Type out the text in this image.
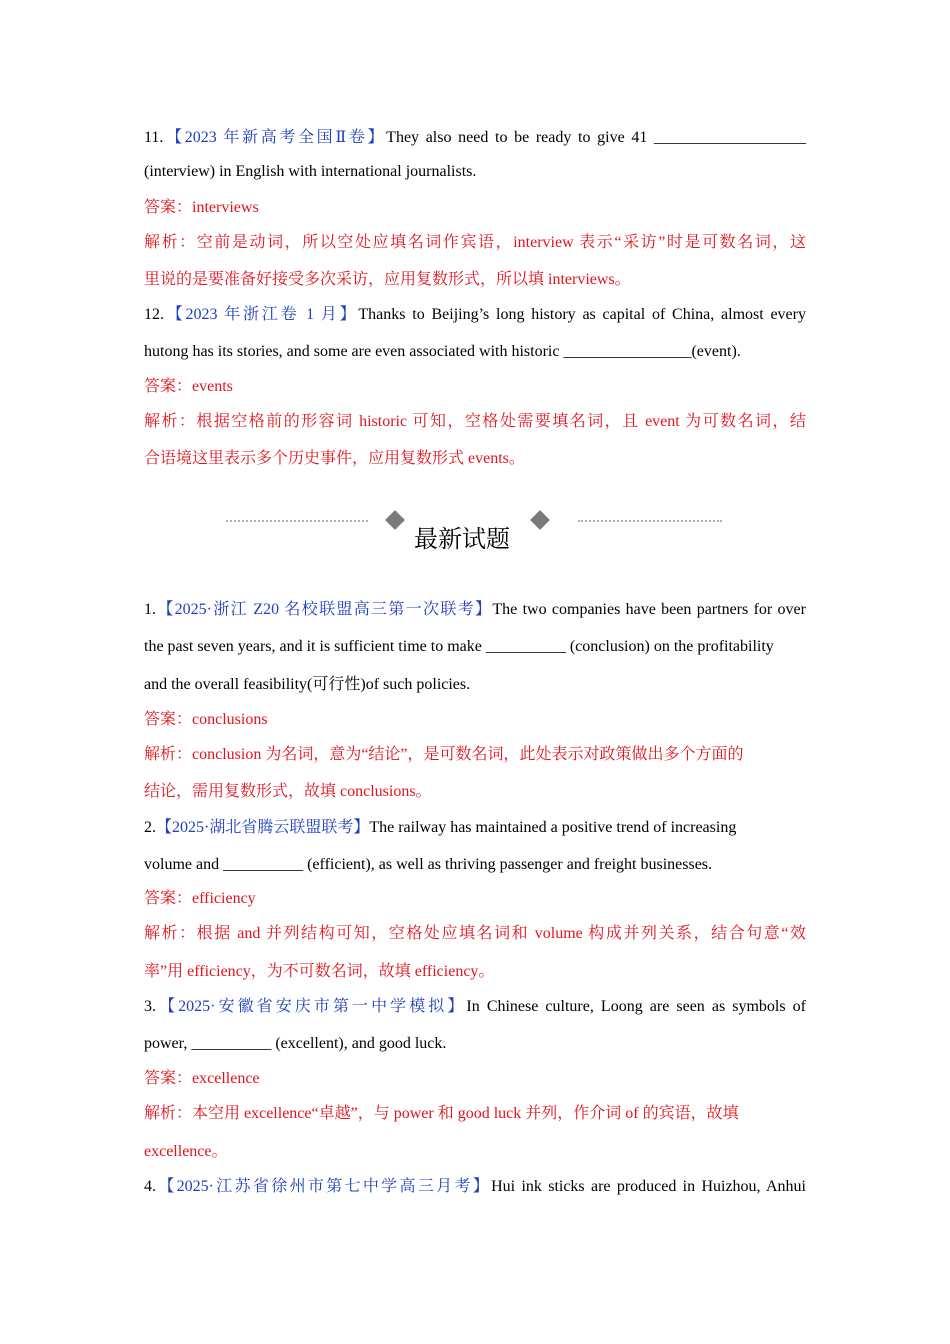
11.【2023 年新高考全国Ⅱ卷】They also need to be ready to give 41 ___________________
(interview) in English with international journalists.
答案：interviews
解析：空前是动词，所以空处应填名词作宾语，interview 表示“采访”时是可数名词，这
里说的是要准备好接受多次采访，应用复数形式，所以填 interviews。
12.【2023 年浙江卷 1 月】Thanks to Beijing’s long history as capital of China, almost every
hutong has its stories, and some are even associated with historic ________________(event).
答案：events
解析：根据空格前的形容词 historic 可知，空格处需要填名词，且 event 为可数名词，结
合语境这里表示多个历史事件，应用复数形式 events。
最新试题
1.【2025·浙江 Z20 名校联盟高三第一次联考】The two companies have been partners for over
the past seven years, and it is sufficient time to make __________ (conclusion) on the profitability
and the overall feasibility(可行性)of such policies.
答案：conclusions
解析：conclusion 为名词，意为“结论”，是可数名词，此处表示对政策做出多个方面的
结论，需用复数形式，故填 conclusions。
2.【2025·湖北省腾云联盟联考】The railway has maintained a positive trend of increasing
volume and __________ (efficient), as well as thriving passenger and freight businesses.
答案：efficiency
解析：根据 and 并列结构可知，空格处应填名词和 volume 构成并列关系，结合句意“效
率”用 efficiency，为不可数名词，故填 efficiency。
3.【2025·安徽省安庆市第一中学模拟】In Chinese culture, Loong are seen as symbols of
power, __________ (excellent), and good luck.
答案：excellence
解析：本空用 excellence“卓越”，与 power 和 good luck 并列，作介词 of 的宾语，故填
excellence。
4.【2025·江苏省徐州市第七中学高三月考】Hui ink sticks are produced in Huizhou, Anhui
